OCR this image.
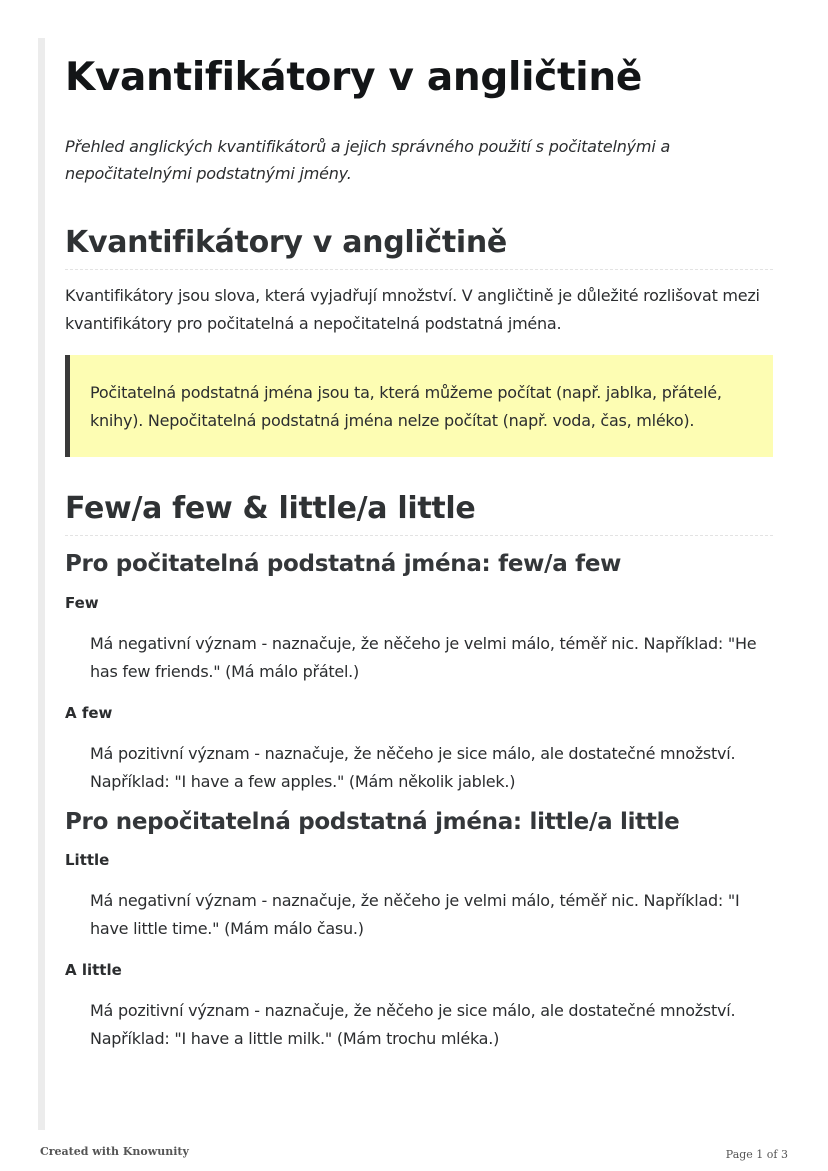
Kvantifikátory v angličtině

Přehled anglických kvantifikátorů a jejich správného použití s počitatelnými a nepočitatelnými podstatnými jmény.

Kvantifikátory v angličtině

Kvantifikátory jsou slova, která vyjadřují množství. V angličtině je důležité rozlišovat mezi kvantifikátory pro počitatelná a nepočitatelná podstatná jména.

Počitatelná podstatná jména jsou ta, která můžeme počítat (např. jablka, přátelé, knihy). Nepočitatelná podstatná jména nelze počítat (např. voda, čas, mléko).
Few/a few & little/a little
Pro počitatelná podstatná jména: few/a few
Few

Má negativní význam - naznačuje, že něčeho je velmi málo, téměř nic. Například: "He has few friends." (Má málo přátel.)

A few

Má pozitivní význam - naznačuje, že něčeho je sice málo, ale dostatečné množství. Například: "I have a few apples." (Mám několik jablek.)

Pro nepočitatelná podstatná jména: little/a little
Little

Má negativní význam - naznačuje, že něčeho je velmi málo, téměř nic. Například: "I have little time." (Mám málo času.)

A little

Má pozitivní význam - naznačuje, že něčeho je sice málo, ale dostatečné množství. Například: "I have a little milk." (Mám trochu mléka.)

Created with Knowunity	Page 1 of 3
